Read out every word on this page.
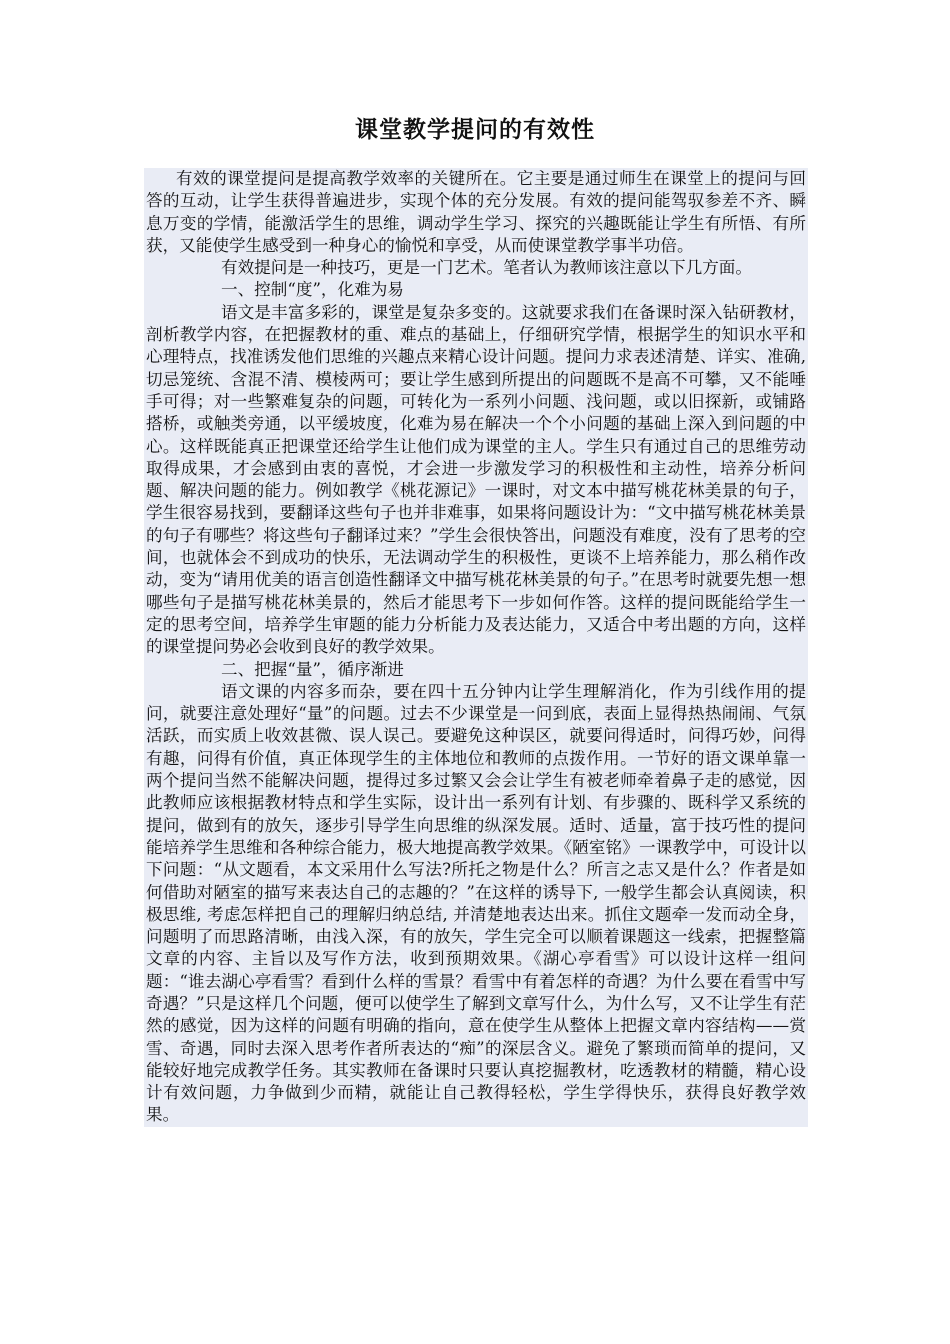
课堂教学提问的有效性

有效的课堂提问是提高教学效率的关键所在。它主要是通过师生在课堂上的提问与回答的互动，让学生获得普遍进步，实现个体的充分发展。有效的提问能驾驭参差不齐、瞬息万变的学情，能激活学生的思维，调动学生学习、探究的兴趣既能让学生有所悟、有所获，又能使学生感受到一种身心的愉悦和享受，从而使课堂教学事半功倍。

有效提问是一种技巧，更是一门艺术。笔者认为教师该注意以下几方面。

一、控制“度”，化难为易

语文是丰富多彩的，课堂是复杂多变的。这就要求我们在备课时深入钻研教材，剖析教学内容，在把握教材的重、难点的基础上，仔细研究学情，根据学生的知识水平和心理特点，找准诱发他们思维的兴趣点来精心设计问题。提问力求表述清楚、详实、准确, 切忌笼统、含混不清、模棱两可；要让学生感到所提出的问题既不是高不可攀，又不能唾手可得；对一些繁难复杂的问题，可转化为一系列小问题、浅问题，或以旧探新，或铺路搭桥，或触类旁通，以平缓坡度，化难为易在解决一个个小问题的基础上深入到问题的中心。这样既能真正把课堂还给学生让他们成为课堂的主人。学生只有通过自己的思维劳动取得成果，才会感到由衷的喜悦，才会进一步激发学习的积极性和主动性，培养分析问题、解决问题的能力。例如教学《桃花源记》一课时，对文本中描写桃花林美景的句子，学生很容易找到，要翻译这些句子也并非难事，如果将问题设计为：“文中描写桃花林美景的句子有哪些？将这些句子翻译过来？”学生会很快答出，问题没有难度，没有了思考的空间，也就体会不到成功的快乐，无法调动学生的积极性，更谈不上培养能力，那么稍作改动，变为“请用优美的语言创造性翻译文中描写桃花林美景的句子。”在思考时就要先想一想哪些句子是描写桃花林美景的，然后才能思考下一步如何作答。这样的提问既能给学生一定的思考空间，培养学生审题的能力分析能力及表达能力，又适合中考出题的方向，这样的课堂提问势必会收到良好的教学效果。

二、把握“量”，循序渐进

语文课的内容多而杂，要在四十五分钟内让学生理解消化，作为引线作用的提问，就要注意处理好“量”的问题。过去不少课堂是一问到底，表面上显得热热闹闹、气氛活跃，而实质上收效甚微、误人误己。要避免这种误区，就要问得适时，问得巧妙，问得有趣，问得有价值，真正体现学生的主体地位和教师的点拨作用。一节好的语文课单靠一两个提问当然不能解决问题，提得过多过繁又会会让学生有被老师牵着鼻子走的感觉，因此教师应该根据教材特点和学生实际，设计出一系列有计划、有步骤的、既科学又系统的提问，做到有的放矢，逐步引导学生向思维的纵深发展。适时、适量，富于技巧性的提问能培养学生思维和各种综合能力，极大地提高教学效果。《陋室铭》一课教学中，可设计以下问题：“从文题看，本文采用什么写法?所托之物是什么？所言之志又是什么？作者是如何借助对陋室的描写来表达自己的志趣的？”在这样的诱导下, 一般学生都会认真阅读，积极思维, 考虑怎样把自己的理解归纳总结, 并清楚地表达出来。抓住文题牵一发而动全身，问题明了而思路清晰，由浅入深，有的放矢，学生完全可以顺着课题这一线索，把握整篇文章的内容、主旨以及写作方法，收到预期效果。《湖心亭看雪》可以设计这样一组问题：“谁去湖心亭看雪？看到什么样的雪景？看雪中有着怎样的奇遇？为什么要在看雪中写奇遇？”只是这样几个问题，便可以使学生了解到文章写什么，为什么写，又不让学生有茫然的感觉，因为这样的问题有明确的指向，意在使学生从整体上把握文章内容结构——赏雪、奇遇，同时去深入思考作者所表达的“痴”的深层含义。避免了繁琐而简单的提问，又能较好地完成教学任务。其实教师在备课时只要认真挖掘教材，吃透教材的精髓，精心设计有效问题，力争做到少而精，就能让自己教得轻松，学生学得快乐，获得良好教学效果。
